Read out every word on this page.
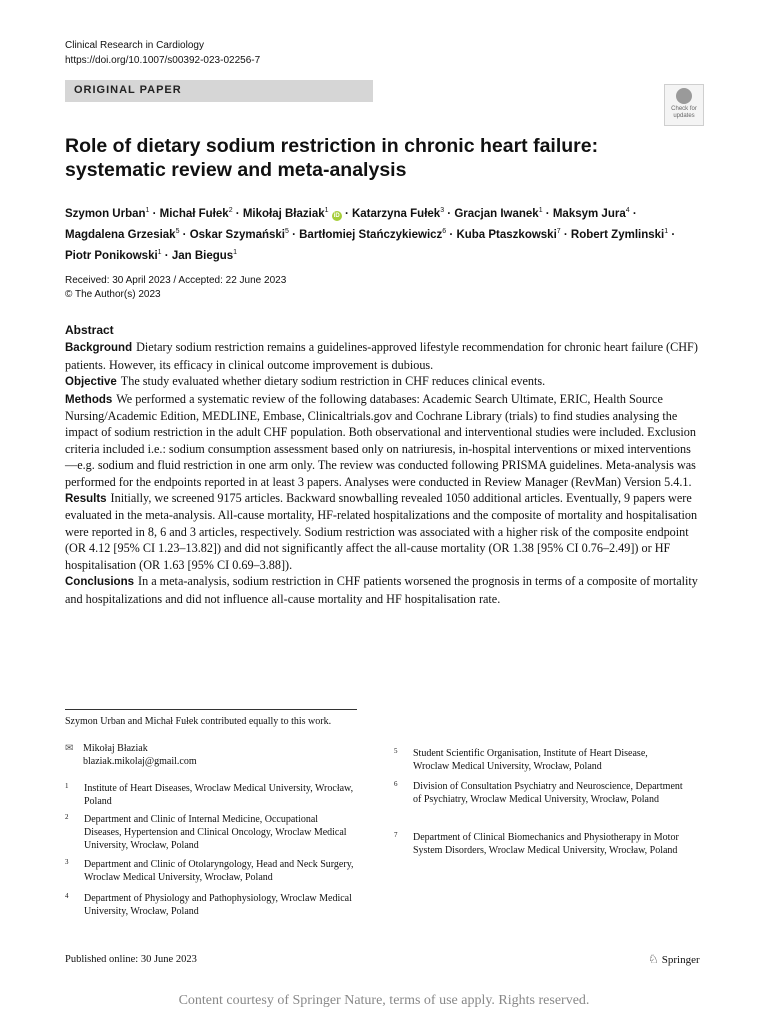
Clinical Research in Cardiology
https://doi.org/10.1007/s00392-023-02256-7
ORIGINAL PAPER
Check for updates
Role of dietary sodium restriction in chronic heart failure: systematic review and meta-analysis
Szymon Urban$^1$ · Michał Fułek$^2$ · Mikołaj Błaziak$^1$ iD · Katarzyna Fułek$^3$ · Gracjan Iwanek$^1$ · Maksym Jura$^4$ ·
Magdalena Grzesiak$^5$ · Oskar Szymański$^5$ · Bartłomiej Stańczykiewicz$^6$ · Kuba Ptaszkowski$^7$ · Robert Zymlinski$^1$ ·
Piotr Ponikowski$^1$ · Jan Biegus$^1$
Received: 30 April 2023 / Accepted: 22 June 2023
© The Author(s) 2023
Abstract

Background Dietary sodium restriction remains a guidelines-approved lifestyle recommendation for chronic heart failure (CHF) patients. However, its efficacy in clinical outcome improvement is dubious.

Objective The study evaluated whether dietary sodium restriction in CHF reduces clinical events.

Methods We performed a systematic review of the following databases: Academic Search Ultimate, ERIC, Health Source Nursing/Academic Edition, MEDLINE, Embase, Clinicaltrials.gov and Cochrane Library (trials) to find studies analysing the impact of sodium restriction in the adult CHF population. Both observational and interventional studies were included. Exclusion criteria included i.e.: sodium consumption assessment based only on natriuresis, in-hospital interventions or mixed interventions—e.g. sodium and fluid restriction in one arm only. The review was conducted following PRISMA guidelines. Meta-analysis was performed for the endpoints reported in at least 3 papers. Analyses were conducted in Review Manager (RevMan) Version 5.4.1.

Results Initially, we screened 9175 articles. Backward snowballing revealed 1050 additional articles. Eventually, 9 papers were evaluated in the meta-analysis. All-cause mortality, HF-related hospitalizations and the composite of mortality and hospitalisation were reported in 8, 6 and 3 articles, respectively. Sodium restriction was associated with a higher risk of the composite endpoint (OR 4.12 [95% CI 1.23–13.82]) and did not significantly affect the all-cause mortality (OR 1.38 [95% CI 0.76–2.49]) or HF hospitalisation (OR 1.63 [95% CI 0.69–3.88]).

Conclusions In a meta-analysis, sodium restriction in CHF patients worsened the prognosis in terms of a composite of mortality and hospitalizations and did not influence all-cause mortality and HF hospitalisation rate.

Szymon Urban and Michał Fułek contributed equally to this work.
✉ Mikołaj Błaziak
blaziak.mikolaj@gmail.com
1 Institute of Heart Diseases, Wroclaw Medical University, Wrocław, Poland
2 Department and Clinic of Internal Medicine, Occupational Diseases, Hypertension and Clinical Oncology, Wroclaw Medical University, Wrocław, Poland
3 Department and Clinic of Otolaryngology, Head and Neck Surgery, Wroclaw Medical University, Wrocław, Poland
4 Department of Physiology and Pathophysiology, Wroclaw Medical University, Wrocław, Poland
5 Student Scientific Organisation, Institute of Heart Disease, Wroclaw Medical University, Wrocław, Poland
6 Division of Consultation Psychiatry and Neuroscience, Department of Psychiatry, Wroclaw Medical University, Wrocław, Poland
7 Department of Clinical Biomechanics and Physiotherapy in Motor System Disorders, Wroclaw Medical University, Wrocław, Poland
Published online: 30 June 2023	♘ Springer
Content courtesy of Springer Nature, terms of use apply. Rights reserved.
